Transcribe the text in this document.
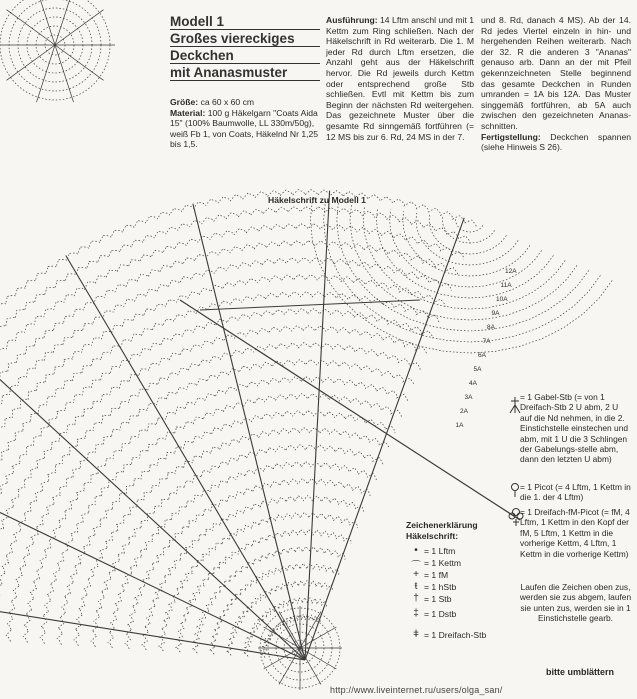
Modell 1
Großes viereckiges
Deckchen
mit Ananasmuster
Größe: ca 60 x 60 cm
Material: 100 g Häkelgarn "Coats Aida 15" (100% Baumwolle, LL 330m/50g), weiß Fb 1, von Coats, Häkelnd Nr 1,25 bis 1,5.
Ausführung: 14 Lftm anschl und mit 1 Kettm zum Ring schließen. Nach der Häkelschrift in Rd weiterarb. Die 1. M jeder Rd durch Lftm ersetzen, die Anzahl geht aus der Häkelschrift hervor. Die Rd jeweils durch Kettm oder entsprechend große Stb schließen. Evtl mit Kettm bis zum Beginn der nächsten Rd weitergehen. Das gezeichnete Muster über die gesamte Rd sinngemäß fortführen (= 12 MS bis zur 6. Rd, 24 MS in der 7.
und 8. Rd, danach 4 MS). Ab der 14. Rd jedes Viertel einzeln in hin- und hergehenden Reihen weiterarb. Nach der 32. R die anderen 3 "Ananas" genauso arb. Dann an der mit Pfeil gekennzeichneten Stelle beginnend das gesamte Deckchen in Runden umranden = 1A bis 12A. Das Muster singgemäß fortführen, ab 5A auch zwischen den gezeichneten Ananas-schnitten.
Fertigstellung: Deckchen spannen (siehe Hinweis S 26).
Häkelschrift zu Modell 1
12A
11A
10A
9A
8A
7A
6A
5A
4A
3A
2A
1A
Zeichenerklärung
Häkelschrift:
• = 1 Lftm
⌒ = 1 Kettm
+ = 1 fM
ŧ = 1 hStb
† = 1 Stb
‡ = 1 Dstb
ǂ = 1 Dreifach-Stb
= 1 Gabel-Stb (= von 1 Dreifach-Stb 2 U abm, 2 U auf die Nd nehmen, in die 2. Einstichstelle einstechen und abm, mit 1 U die 3 Schlingen der Gabelungs-stelle abm, dann den letzten U abm)
= 1 Picot (= 4 Lftm, 1 Kettm in die 1. der 4 Lftm)
= 1 Dreifach-fM-Picot (= fM, 4 Lftm, 1 Kettm in den Kopf der fM, 5 Lftm, 1 Kettm in die vorherige Kettm, 4 Lftm, 1 Kettm in die vorherige Kettm)
Laufen die Zeichen oben zus, werden sie zus abgem, laufen sie unten zus, werden sie in 1 Einstichstelle gearb.
bitte umblättern
http://www.liveinternet.ru/users/olga_san/
